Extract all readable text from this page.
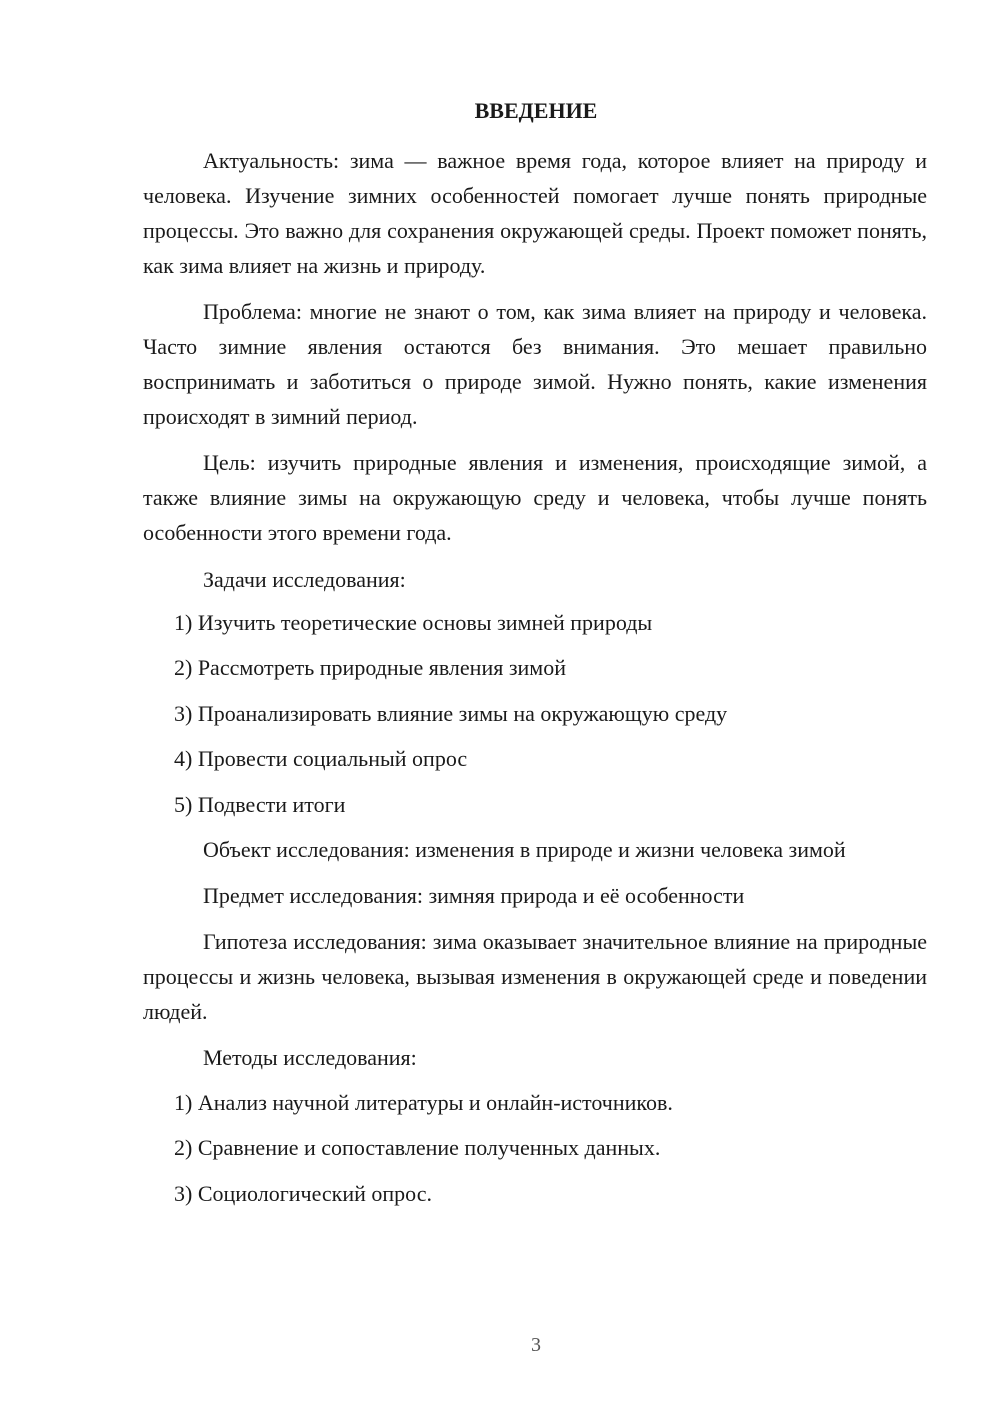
ВВЕДЕНИЕ

Актуальность: зима — важное время года, которое влияет на природу и человека. Изучение зимних особенностей помогает лучше понять природные процессы. Это важно для сохранения окружающей среды. Проект поможет понять, как зима влияет на жизнь и природу.

Проблема: многие не знают о том, как зима влияет на природу и человека. Часто зимние явления остаются без внимания. Это мешает правильно воспринимать и заботиться о природе зимой. Нужно понять, какие изменения происходят в зимний период.

Цель: изучить природные явления и изменения, происходящие зимой, а также влияние зимы на окружающую среду и человека, чтобы лучше понять особенности этого времени года.

Задачи исследования:

1) Изучить теоретические основы зимней природы
2) Рассмотреть природные явления зимой
3) Проанализировать влияние зимы на окружающую среду
4) Провести социальный опрос
5) Подвести итоги

Объект исследования: изменения в природе и жизни человека зимой

Предмет исследования: зимняя природа и её особенности

Гипотеза исследования: зима оказывает значительное влияние на природные процессы и жизнь человека, вызывая изменения в окружающей среде и поведении людей.

Методы исследования:

1) Анализ научной литературы и онлайн-источников.
2) Сравнение и сопоставление полученных данных.
3) Социологический опрос.
3
